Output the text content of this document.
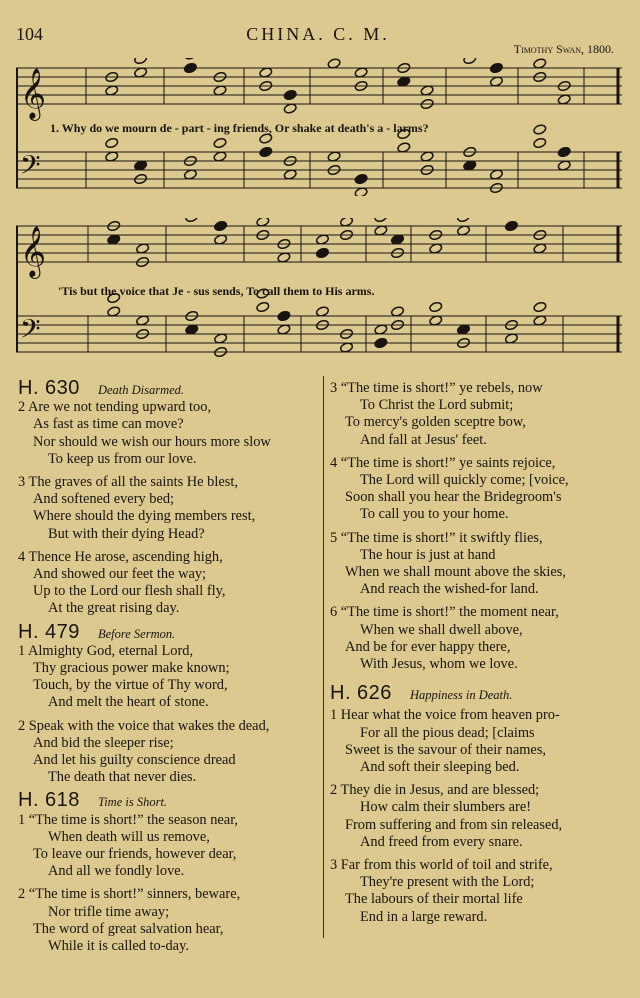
104	CHINA. C. M.
Timothy Swan, 1800.
𝄞
𝄢
1. Why do we mourn de - part - ing friends, Or shake at death's a - larms?
𝄞
𝄢
'Tis but the voice that Je - sus sends, To call them to His arms.
H. 630 Death Disarmed.
2 Are we not tending upward too,
As fast as time can move?
Nor should we wish our hours more slow
To keep us from our love.
3 The graves of all the saints He blest,
And softened every bed;
Where should the dying members rest,
But with their dying Head?
4 Thence He arose, ascending high,
And showed our feet the way;
Up to the Lord our flesh shall fly,
At the great rising day.
H. 479 Before Sermon.
1 Almighty God, eternal Lord,
Thy gracious power make known;
Touch, by the virtue of Thy word,
And melt the heart of stone.
2 Speak with the voice that wakes the dead,
And bid the sleeper rise;
And let his guilty conscience dread
The death that never dies.
H. 618 Time is Short.
1 “The time is short!” the season near,
When death will us remove,
To leave our friends, however dear,
And all we fondly love.
2 “The time is short!” sinners, beware,
Nor trifle time away;
The word of great salvation hear,
While it is called to-day.
3 “The time is short!” ye rebels, now
To Christ the Lord submit;
To mercy's golden sceptre bow,
And fall at Jesus' feet.
4 “The time is short!” ye saints rejoice,
The Lord will quickly come; [voice,
Soon shall you hear the Bridegroom's
To call you to your home.
5 “The time is short!” it swiftly flies,
The hour is just at hand
When we shall mount above the skies,
And reach the wished-for land.
6 “The time is short!” the moment near,
When we shall dwell above,
And be for ever happy there,
With Jesus, whom we love.
H. 626 Happiness in Death.
1 Hear what the voice from heaven pro-
For all the pious dead; [claims
Sweet is the savour of their names,
And soft their sleeping bed.
2 They die in Jesus, and are blessed;
How calm their slumbers are!
From suffering and from sin released,
And freed from every snare.
3 Far from this world of toil and strife,
They're present with the Lord;
The labours of their mortal life
End in a large reward.
